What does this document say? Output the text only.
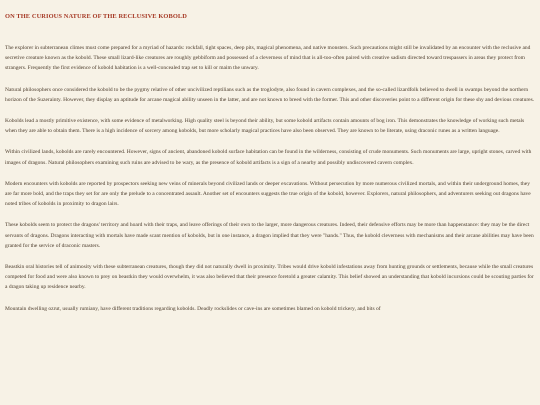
ON THE CURIOUS NATURE OF THE RECLUSIVE KOBOLD

The explorer in subterranean climes must come prepared for a myriad of hazards: rockfall, tight spaces, deep pits, magical phenomena, and native monsters. Such precautions might still be invalidated by an encounter with the reclusive and secretive creature known as the kobold. These small lizard-like creatures are roughly gebbiform and possessed of a cleverness of mind that is all-too-often paired with creative sadism directed toward trespassers in areas they protect from strangers. Frequently the first evidence of kobold habitation is a well-concealed trap set to kill or maim the unwary.

Natural philosophers once considered the kobold to be the pygmy relative of other uncivilized reptilians such as the troglodyte, also found in cavern complexes, and the so-called lizardfolk believed to dwell in swamps beyond the northern horizon of the Suzerainty. However, they display an aptitude for arcane magical ability unseen in the latter, and are not known to breed with the former. This and other discoveries point to a different origin for these shy and devious creatures.

Kobolds lead a mostly primitive existence, with some evidence of metalworking. High quality steel is beyond their ability, but some kobold artifacts contain amounts of bog iron. This demonstrates the knowledge of working such metals when they are able to obtain them. There is a high incidence of sorcery among kobolds, but more scholarly magical practices have also been observed. They are known to be literate, using draconic runes as a written language.

Within civilized lands, kobolds are rarely encountered. However, signs of ancient, abandoned kobold surface habitation can be found in the wilderness, consisting of crude monuments. Such monuments are large, upright stones, carved with images of dragons. Natural philosophers examining such ruins are advised to be wary, as the presence of kobold artifacts is a sign of a nearby and possibly undiscovered cavern complex.

Modern encounters with kobolds are reported by prospectors seeking new veins of minerals beyond civilized lands or deeper excavations. Without persecution by more numerous civilized mortals, and within their underground homes, they are far more bold, and the traps they set for are only the prelude to a concentrated assault. Another set of encounters suggests the true origin of the kobold, however. Explorers, natural philosophers, and adventurers seeking out dragons have noted tribes of kobolds in proximity to dragon lairs.

These kobolds seem to protect the dragons' territory and hoard with their traps, and leave offerings of their own to the larger, more dangerous creatures. Indeed, their defensive efforts may be more than happenstance: they may be the direct servants of dragons. Dragons interacting with mortals have made scant mention of kobolds, but in one instance, a dragon implied that they were "hands." Thus, the kobold cleverness with mechanisms and their arcane abilities may have been granted for the service of draconic masters.

Beastkin oral histories tell of animosity with these subterranean creatures, though they did not naturally dwell in proximity. Tribes would drive kobold infestations away from hunting grounds or settlements, because while the small creatures competed for food and were also known to prey on beastkin they would overwhelm, it was also believed that their presence foretold a greater calamity. This belief showed an understanding that kobold incursions could be scouting parties for a dragon taking up residence nearby.

Mountain dwelling ozrut, usually rumiany, have different traditions regarding kobolds. Deadly rockslides or cave-ins are sometimes blamed on kobold trickery, and bits of
